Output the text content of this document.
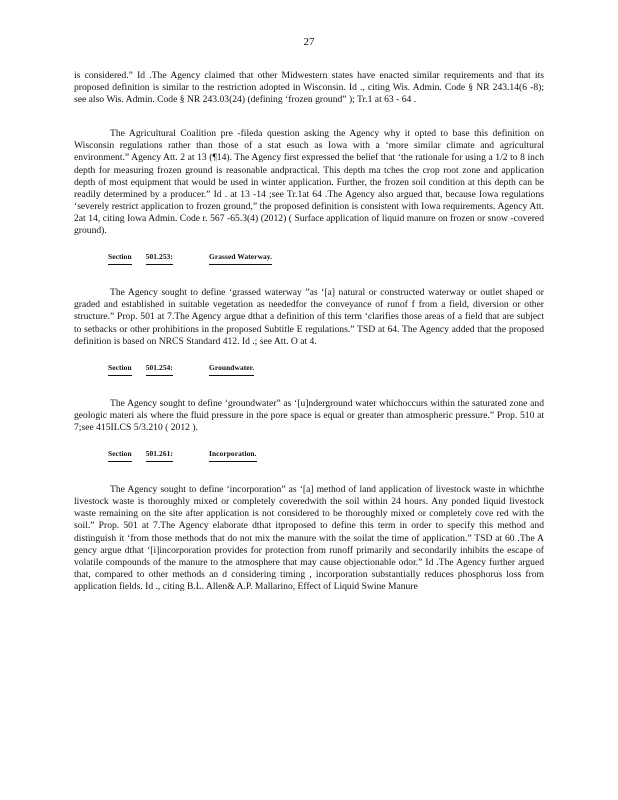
27

is considered.” Id .The Agency claimed that other Midwestern states have enacted similar requirements and that its proposed definition is similar to the restriction adopted in Wisconsin. Id ., citing Wis. Admin. Code § NR 243.14(6 -8); see also Wis. Admin. Code § NR 243.03(24) (defining ‘frozen ground” ); Tr.1 at 63 - 64 .

The Agricultural Coalition pre -fileda question asking the Agency why it opted to base this definition on Wisconsin regulations rather than those of a stat esuch as Iowa with a ‘more similar climate and agricultural environment.” Agency Att. 2 at 13 (¶14). The Agency first expressed the belief that ‘the rationale for using a 1/2 to 8 inch depth for measuring frozen ground is reasonable andpractical. This depth ma tches the crop root zone and application depth of most equipment that would be used in winter application. Further, the frozen soil condition at this depth can be readily determined by a producer.” Id . at 13 -14 ;see Tr.1at 64 .The Agency also argued that, because Iowa regulations ‘severely restrict application to frozen ground,” the proposed definition is consistent with Iowa requirements. Agency Att. 2at 14, citing Iowa Admin. Code r. 567 -65.3(4) (2012) ( Surface application of liquid manure on frozen or snow -covered ground).

Section 501.253:	Grassed Waterway.

The Agency sought to define ‘grassed waterway ”as ‘[a] natural or constructed waterway or outlet shaped or graded and established in suitable vegetation as neededfor the conveyance of runof f from a field, diversion or other structure.” Prop. 501 at 7.The Agency argue dthat a definition of this term ‘clarifies those areas of a field that are subject to setbacks or other prohibitions in the proposed Subtitle E regulations.” TSD at 64. The Agency added that the proposed definition is based on NRCS Standard 412. Id .; see Att. O at 4.

Section 501.254:	Groundwater.

The Agency sought to define ‘groundwater” as ‘[u]nderground water whichoccurs within the saturated zone and geologic materi als where the fluid pressure in the pore space is equal or greater than atmospheric pressure.” Prop. 510 at 7;see 415ILCS 5/3.210 ( 2012 ).

Section 501.261:	Incorporation.

The Agency sought to define ‘incorporation” as ‘[a] method of land application of livestock waste in whichthe livestock waste is thoroughly mixed or completely coveredwith the soil within 24 hours. Any ponded liquid livestock waste remaining on the site after application is not considered to be thoroughly mixed or completely cove red with the soil.” Prop. 501 at 7.The Agency elaborate dthat itproposed to define this term in order to specify this method and distinguish it ‘from those methods that do not mix the manure with the soilat the time of application.” TSD at 60 .The A gency argue dthat ‘[i]incorporation provides for protection from runoff primarily and secondarily inhibits the escape of volatile compounds of the manure to the atmosphere that may cause objectionable odor.” Id .The Agency further argued that, compared to other methods an d considering timing , incorporation substantially reduces phosphorus loss from application fields. Id ., citing B.L. Allen& A.P. Mallarino, Effect of Liquid Swine Manure
